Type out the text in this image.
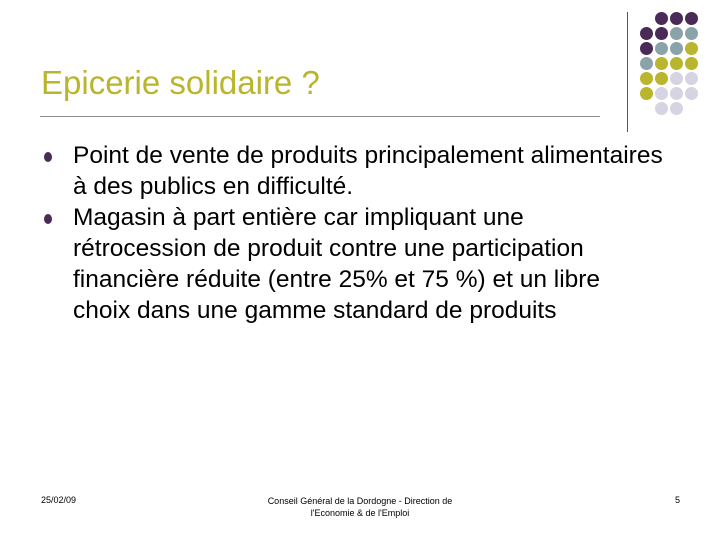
Epicerie solidaire ?
Point de vente de produits principalement alimentaires à des publics en difficulté.
Magasin à part entière car impliquant une rétrocession de produit contre une participation financière réduite (entre 25% et 75 %) et un libre choix dans une gamme standard de produits
25/02/09	Conseil Général de la Dordogne - Direction de
l'Economie & de l'Emploi
5
